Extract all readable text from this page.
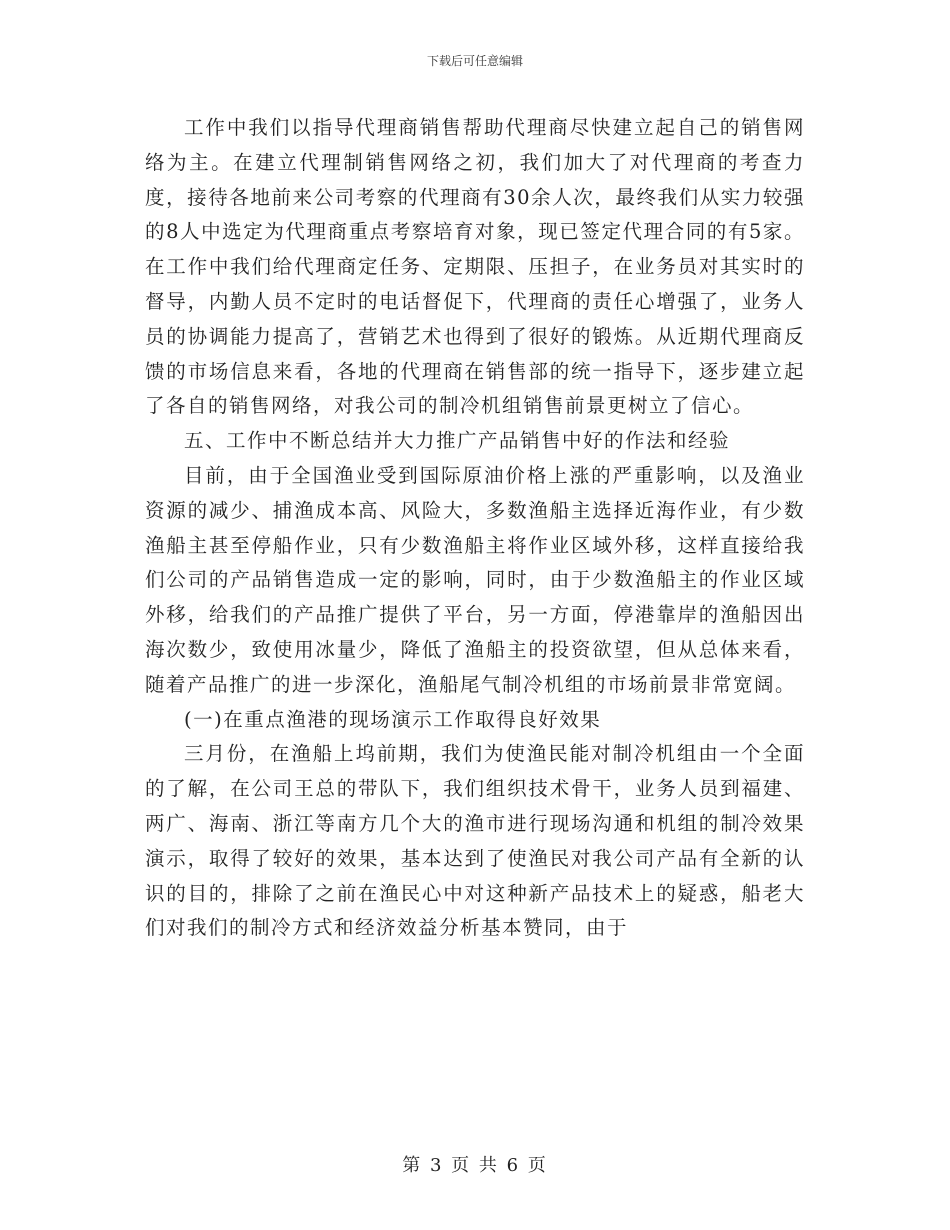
下载后可任意编辑

工作中我们以指导代理商销售帮助代理商尽快建立起自己的销售网络为主。在建立代理制销售网络之初，我们加大了对代理商的考查力度，接待各地前来公司考察的代理商有30余人次，最终我们从实力较强的8人中选定为代理商重点考察培育对象，现已签定代理合同的有5家。在工作中我们给代理商定任务、定期限、压担子，在业务员对其实时的督导，内勤人员不定时的电话督促下，代理商的责任心增强了，业务人员的协调能力提高了，营销艺术也得到了很好的锻炼。从近期代理商反馈的市场信息来看，各地的代理商在销售部的统一指导下，逐步建立起了各自的销售网络，对我公司的制冷机组销售前景更树立了信心。

五、工作中不断总结并大力推广产品销售中好的作法和经验

目前，由于全国渔业受到国际原油价格上涨的严重影响，以及渔业资源的减少、捕渔成本高、风险大，多数渔船主选择近海作业，有少数渔船主甚至停船作业，只有少数渔船主将作业区域外移，这样直接给我们公司的产品销售造成一定的影响，同时，由于少数渔船主的作业区域外移，给我们的产品推广提供了平台，另一方面，停港靠岸的渔船因出海次数少，致使用冰量少，降低了渔船主的投资欲望，但从总体来看，随着产品推广的进一步深化，渔船尾气制冷机组的市场前景非常宽阔。

(一)在重点渔港的现场演示工作取得良好效果

三月份，在渔船上坞前期，我们为使渔民能对制冷机组由一个全面的了解，在公司王总的带队下，我们组织技术骨干，业务人员到福建、两广、海南、浙江等南方几个大的渔市进行现场沟通和机组的制冷效果演示，取得了较好的效果，基本达到了使渔民对我公司产品有全新的认识的目的，排除了之前在渔民心中对这种新产品技术上的疑惑，船老大们对我们的制冷方式和经济效益分析基本赞同，由于

第 3 页 共 6 页
